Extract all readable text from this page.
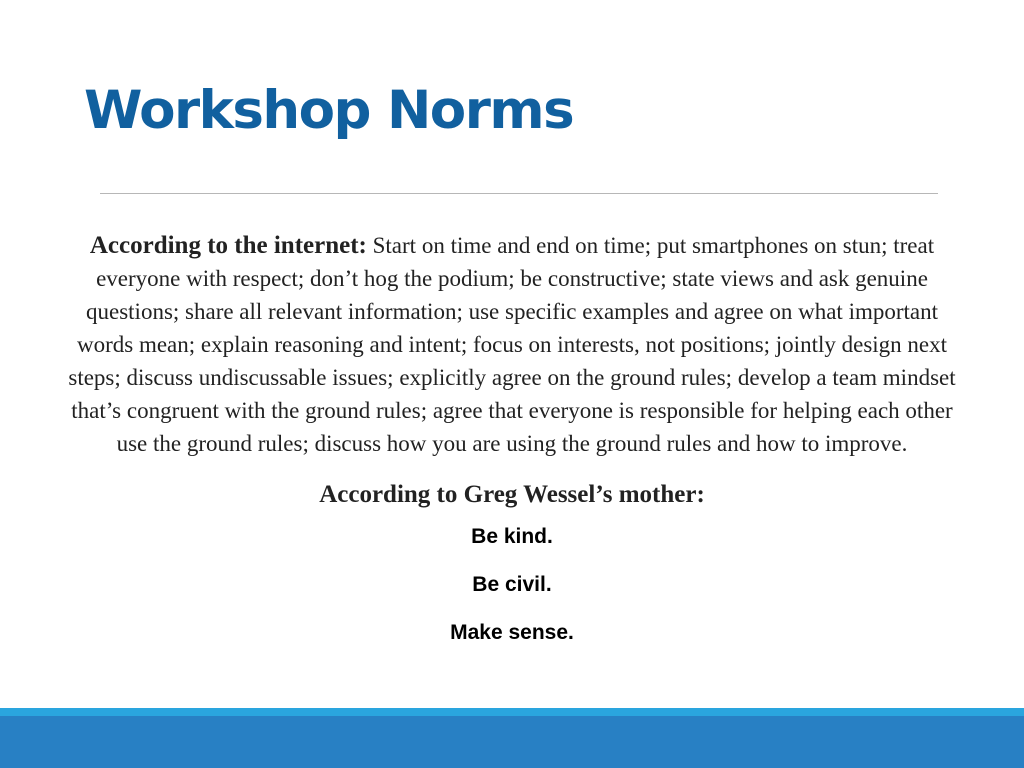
Workshop Norms

According to the internet: Start on time and end on time; put smartphones on stun; treat everyone with respect; don’t hog the podium; be constructive; state views and ask genuine questions; share all relevant information; use specific examples and agree on what important words mean; explain reasoning and intent; focus on interests, not positions; jointly design next steps; discuss undiscussable issues; explicitly agree on the ground rules; develop a team mindset that’s congruent with the ground rules; agree that everyone is responsible for helping each other use the ground rules; discuss how you are using the ground rules and how to improve.

According to Greg Wessel’s mother:

Be kind.
Be civil.
Make sense.
